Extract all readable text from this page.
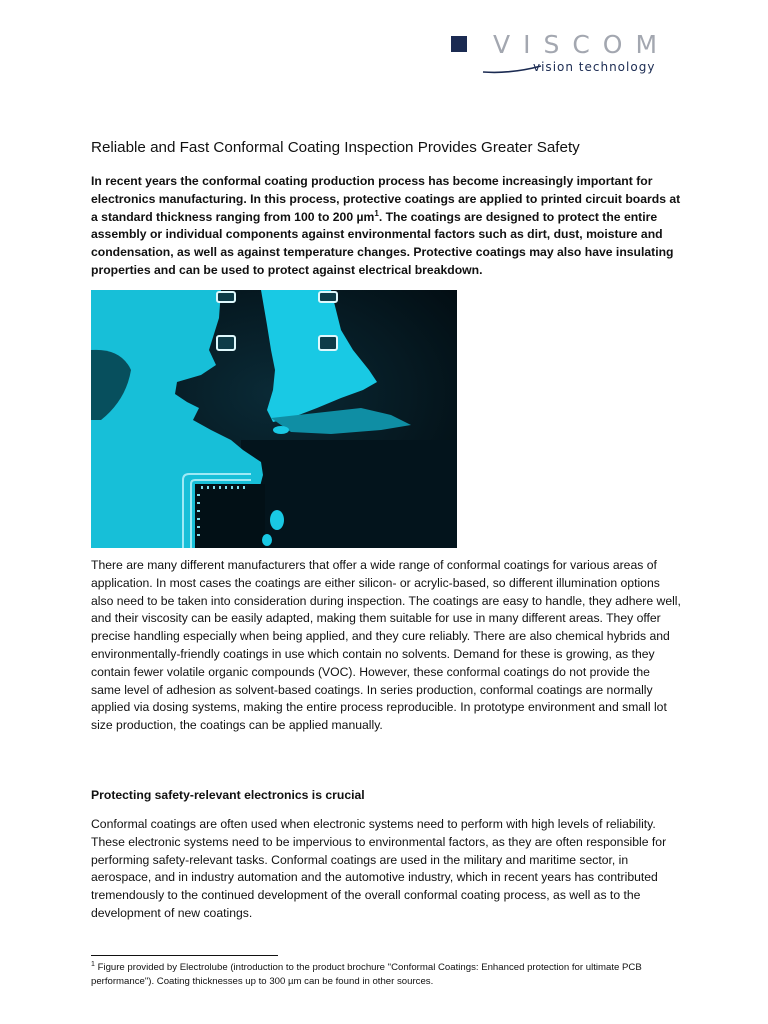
VISCOM
vision technology
Reliable and Fast Conformal Coating Inspection Provides Greater Safety

In recent years the conformal coating production process has become increasingly important for electronics manufacturing. In this process, protective coatings are applied to printed circuit boards at a standard thickness ranging from 100 to 200 µm$^1$. The coatings are designed to protect the entire assembly or individual components against environmental factors such as dirt, dust, moisture and condensation, as well as against temperature changes. Protective coatings may also have insulating properties and can be used to protect against electrical breakdown.

There are many different manufacturers that offer a wide range of conformal coatings for various areas of application. In most cases the coatings are either silicon- or acrylic-based, so different illumination options also need to be taken into consideration during inspection. The coatings are easy to handle, they adhere well, and their viscosity can be easily adapted, making them suitable for use in many different areas. They offer precise handling especially when being applied, and they cure reliably. There are also chemical hybrids and environmentally-friendly coatings in use which contain no solvents. Demand for these is growing, as they contain fewer volatile organic compounds (VOC). However, these conformal coatings do not provide the same level of adhesion as solvent-based coatings. In series production, conformal coatings are normally applied via dosing systems, making the entire process reproducible. In prototype environment and small lot size production, the coatings can be applied manually.

Protecting safety-relevant electronics is crucial

Conformal coatings are often used when electronic systems need to perform with high levels of reliability. These electronic systems need to be impervious to environmental factors, as they are often responsible for performing safety-relevant tasks. Conformal coatings are used in the military and maritime sector, in aerospace, and in industry automation and the automotive industry, which in recent years has contributed tremendously to the continued development of the overall conformal coating process, as well as to the development of new coatings.

$^1$ Figure provided by Electrolube (introduction to the product brochure "Conformal Coatings: Enhanced protection for ultimate PCB performance"). Coating thicknesses up to 300 µm can be found in other sources.
